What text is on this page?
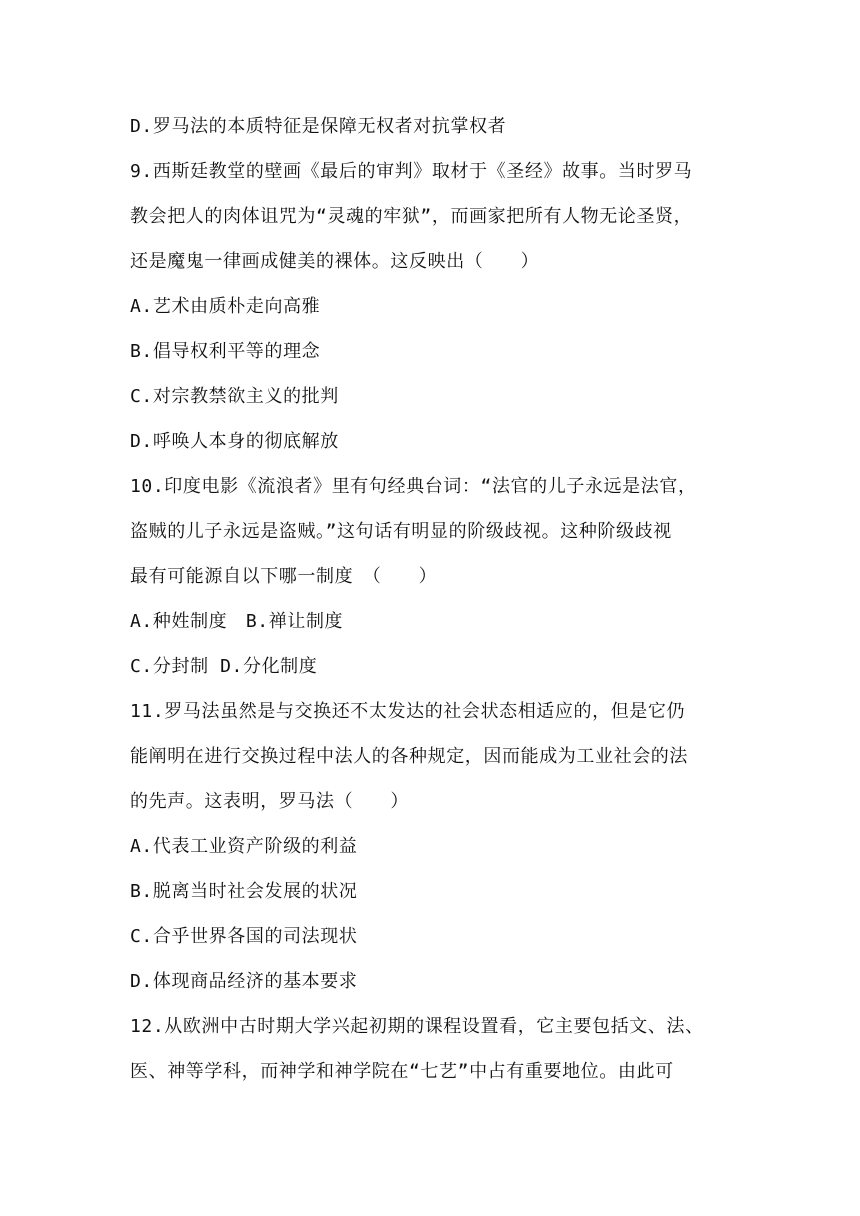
D.罗马法的本质特征是保障无权者对抗掌权者
9.西斯廷教堂的壁画《最后的审判》取材于《圣经》故事。当时罗马
教会把人的肉体诅咒为“灵魂的牢狱”，而画家把所有人物无论圣贤，
还是魔鬼一律画成健美的裸体。这反映出（　　）
A.艺术由质朴走向高雅
B.倡导权利平等的理念
C.对宗教禁欲主义的批判
D.呼唤人本身的彻底解放
10.印度电影《流浪者》里有句经典台词：“法官的儿子永远是法官，
盗贼的儿子永远是盗贼。”这句话有明显的阶级歧视。这种阶级歧视
最有可能源自以下哪一制度　（　　）
A.种姓制度　B.禅让制度
C.分封制 D.分化制度
11.罗马法虽然是与交换还不太发达的社会状态相适应的，但是它仍
能阐明在进行交换过程中法人的各种规定，因而能成为工业社会的法
的先声。这表明，罗马法（　　）
A.代表工业资产阶级的利益
B.脱离当时社会发展的状况
C.合乎世界各国的司法现状
D.体现商品经济的基本要求
12.从欧洲中古时期大学兴起初期的课程设置看，它主要包括文、法、
医、神等学科，而神学和神学院在“七艺”中占有重要地位。由此可
